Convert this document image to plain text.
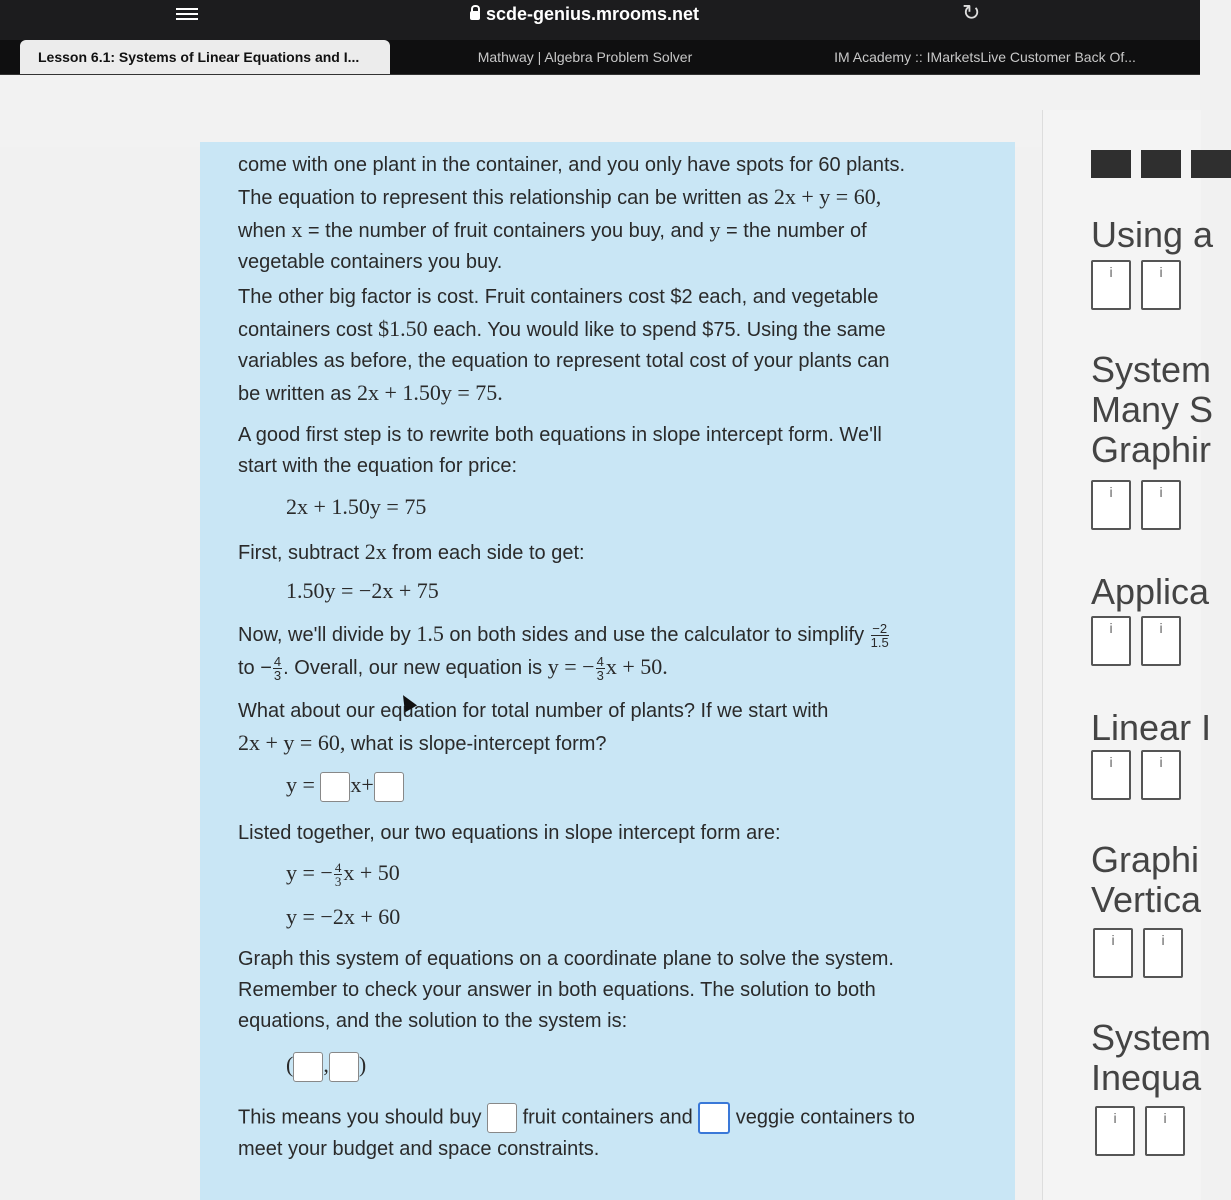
scde-genius.mrooms.net	↻
Lesson 6.1: Systems of Linear Equations and I...	Mathway | Algebra Problem Solver	IM Academy :: IMarketsLive Customer Back Of...
come with one plant in the container, and you only have spots for 60 plants.
The equation to represent this relationship can be written as 2x + y = 60,
when x = the number of fruit containers you buy, and y = the number of
vegetable containers you buy.
The other big factor is cost. Fruit containers cost $2 each, and vegetable
containers cost $1.50 each. You would like to spend $75. Using the same
variables as before, the equation to represent total cost of your plants can
be written as 2x + 1.50y = 75.
A good first step is to rewrite both equations in slope intercept form. We'll
start with the equation for price:
2x + 1.50y = 75
First, subtract 2x from each side to get:
1.50y = −2x + 75
Now, we'll divide by 1.5 on both sides and use the calculator to simplify $\frac{-2}{1.5}$
to − $\frac{4}{3}$ . Overall, our new equation is y = − $\frac{4}{3}$ x + 50.
What about our equation for total number of plants? If we start with
2x + y = 60, what is slope-intercept form?
y = x+
Listed together, our two equations in slope intercept form are:
y = − $\frac{4}{3}$ x + 50
y = −2x + 60
Graph this system of equations on a coordinate plane to solve the system.
Remember to check your answer in both equations. The solution to both
equations, and the solution to the system is:
( , )
This means you should buy  fruit containers and  veggie containers to
meet your budget and space constraints.
Using a
i	i
System
Many S
Graphir
i	i
Applica
i	i
Linear I
i	i
Graphi
Vertica
i	i
System
Inequa
i	i
